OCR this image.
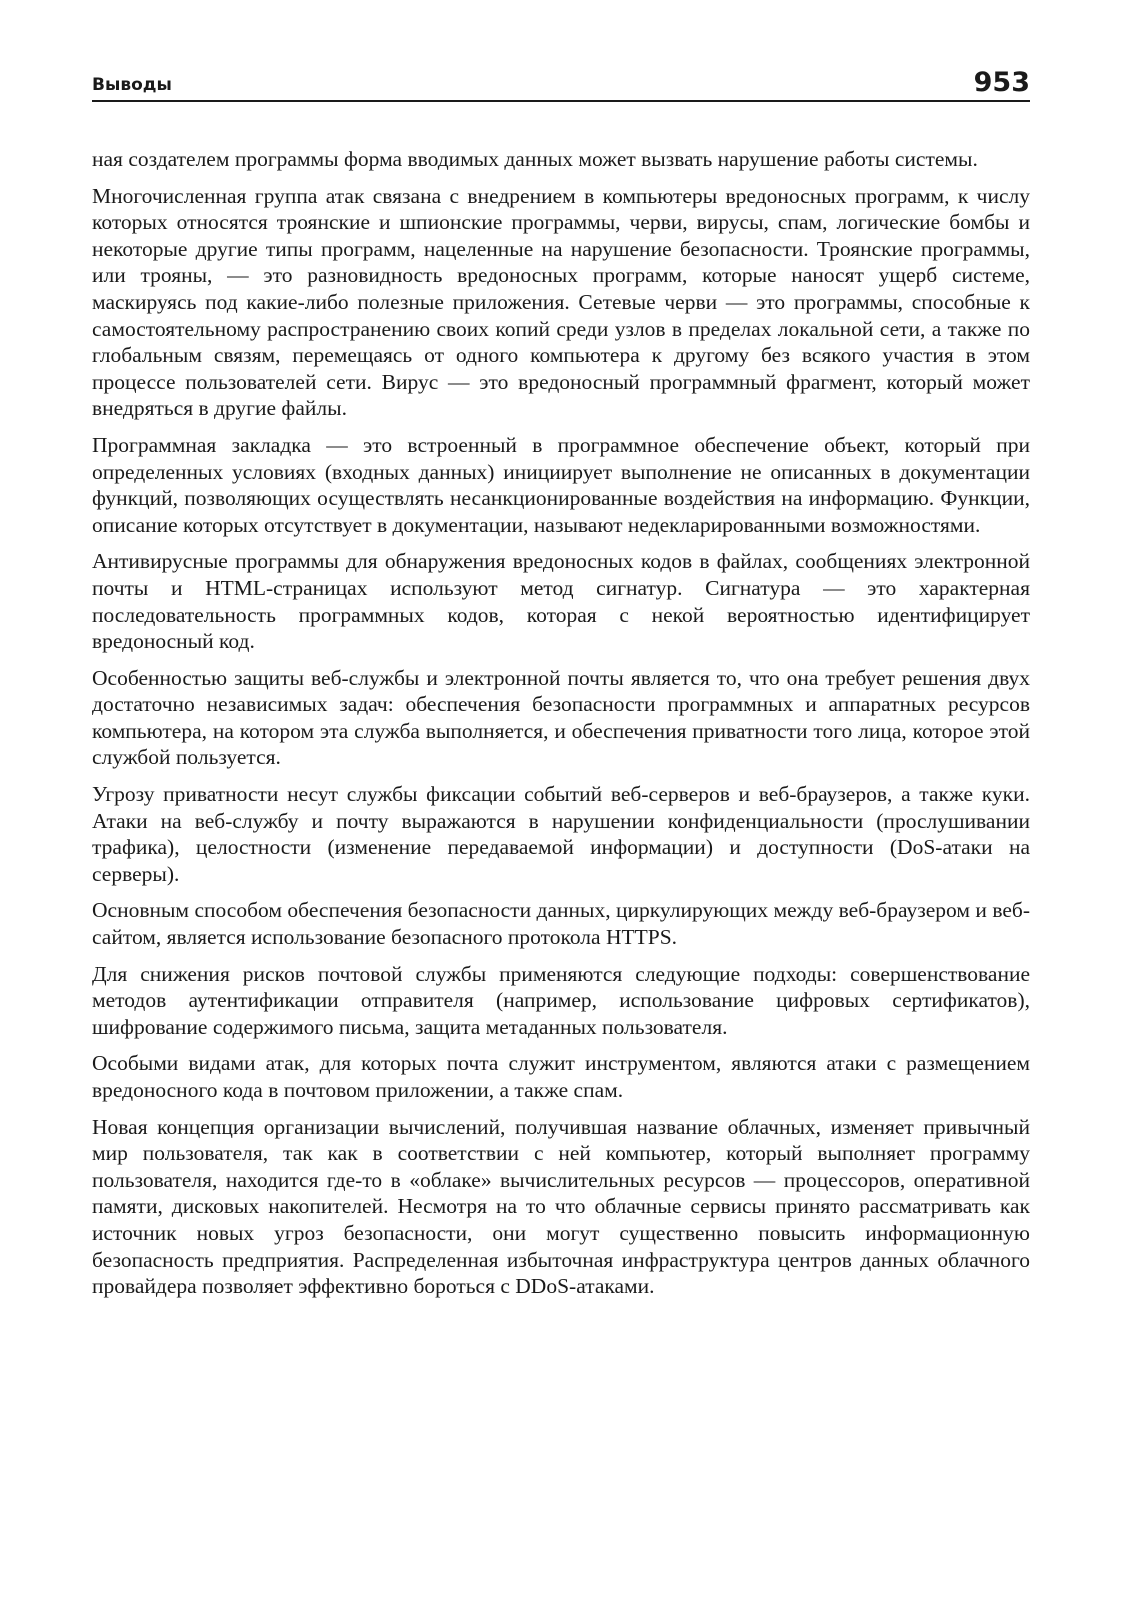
Выводы	953

ная создателем программы форма вводимых данных может вызвать нарушение работы системы.

Многочисленная группа атак связана с внедрением в компьютеры вредоносных программ, к числу которых относятся троянские и шпионские программы, черви, вирусы, спам, логические бомбы и некоторые другие типы программ, нацеленные на нарушение безопасности. Троянские программы, или трояны, — это разновидность вредоносных программ, которые наносят ущерб системе, маскируясь под какие-либо полезные приложения. Сетевые черви — это программы, способные к самостоятельному распространению своих копий среди узлов в пределах локальной сети, а также по глобальным связям, перемещаясь от одного компьютера к другому без всякого участия в этом процессе пользователей сети. Вирус — это вредоносный программный фрагмент, который может внедряться в другие файлы.

Программная закладка — это встроенный в программное обеспечение объект, который при определенных условиях (входных данных) инициирует выполнение не описанных в документации функций, позволяющих осуществлять несанкционированные воздействия на информацию. Функции, описание которых отсутствует в документации, называют недекларированными возможностями.

Антивирусные программы для обнаружения вредоносных кодов в файлах, сообщениях электронной почты и HTML-страницах используют метод сигнатур. Сигнатура — это характерная последовательность программных кодов, которая с некой вероятностью идентифицирует вредоносный код.

Особенностью защиты веб-службы и электронной почты является то, что она требует решения двух достаточно независимых задач: обеспечения безопасности программных и аппаратных ресурсов компьютера, на котором эта служба выполняется, и обеспечения приватности того лица, которое этой службой пользуется.

Угрозу приватности несут службы фиксации событий веб-серверов и веб-браузеров, а также куки. Атаки на веб-службу и почту выражаются в нарушении конфиденциальности (прослушивании трафика), целостности (изменение передаваемой информации) и доступности (DoS-атаки на серверы).

Основным способом обеспечения безопасности данных, циркулирующих между веб-браузером и веб-сайтом, является использование безопасного протокола HTTPS.

Для снижения рисков почтовой службы применяются следующие подходы: совершенствование методов аутентификации отправителя (например, использование цифровых сертификатов), шифрование содержимого письма, защита метаданных пользователя.

Особыми видами атак, для которых почта служит инструментом, являются атаки с размещением вредоносного кода в почтовом приложении, а также спам.

Новая концепция организации вычислений, получившая название облачных, изменяет привычный мир пользователя, так как в соответствии с ней компьютер, который выполняет программу пользователя, находится где-то в «облаке» вычислительных ресурсов — процессоров, оперативной памяти, дисковых накопителей. Несмотря на то что облачные сервисы принято рассматривать как источник новых угроз безопасности, они могут существенно повысить информационную безопасность предприятия. Распределенная избыточная инфраструктура центров данных облачного провайдера позволяет эффективно бороться с DDoS-атаками.
